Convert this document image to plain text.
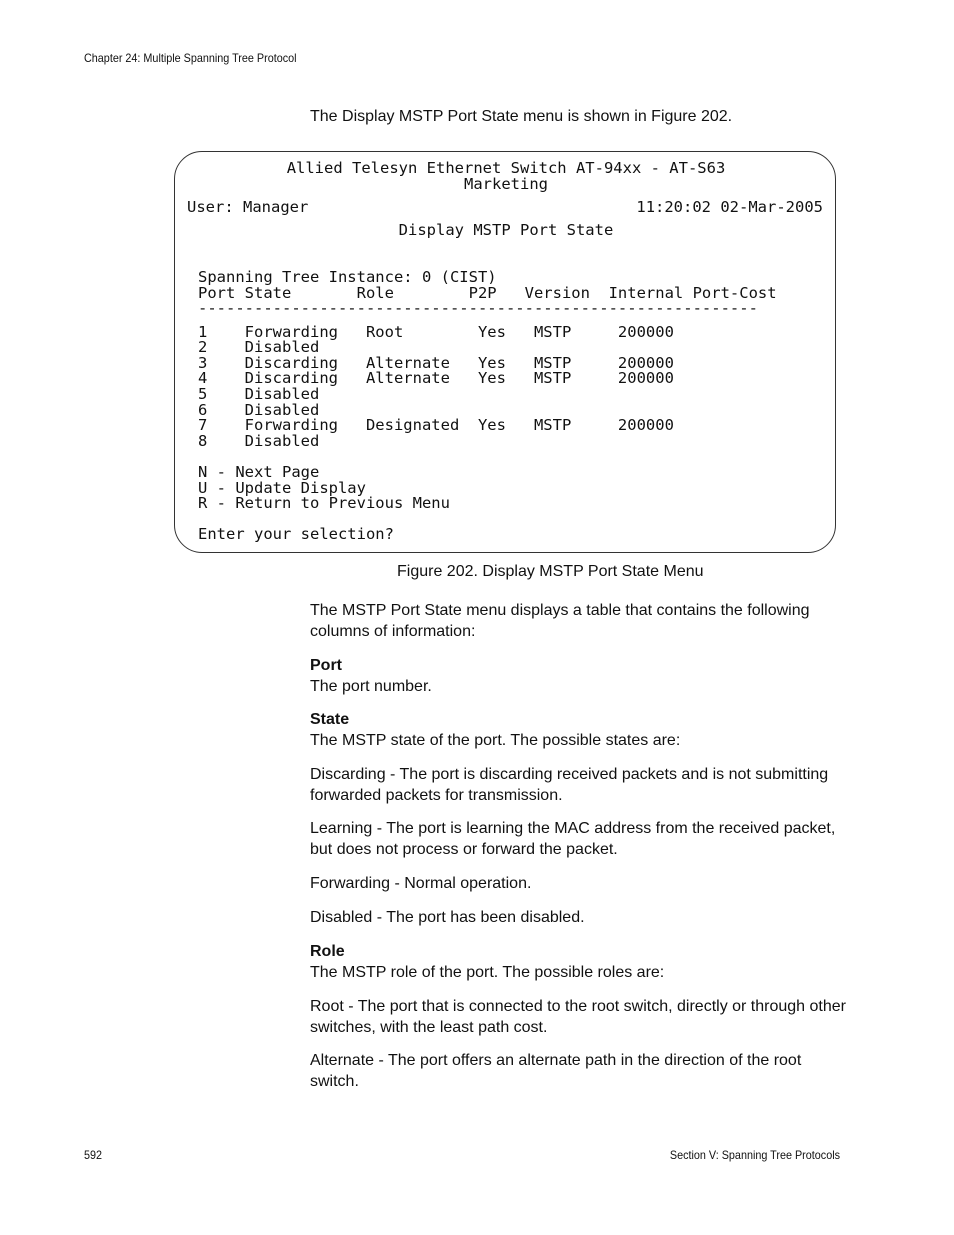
Chapter 24: Multiple Spanning Tree Protocol
The Display MSTP Port State menu is shown in Figure 202.
Allied Telesyn Ethernet Switch AT-94xx - AT-S63
Marketing
User: Manager	11:20:02 02-Mar-2005
Display MSTP Port State
Spanning Tree Instance: 0 (CIST)
Port State       Role        P2P   Version  Internal Port-Cost
------------------------------------------------------------
1    Forwarding   Root        Yes   MSTP     200000
2    Disabled
3    Discarding   Alternate   Yes   MSTP     200000
4    Discarding   Alternate   Yes   MSTP     200000
5    Disabled
6    Disabled
7    Forwarding   Designated  Yes   MSTP     200000
8    Disabled
N - Next Page
U - Update Display
R - Return to Previous Menu
Enter your selection?
Figure 202. Display MSTP Port State Menu

The MSTP Port State menu displays a table that contains the following columns of information:

Port

The port number.

State

The MSTP state of the port. The possible states are:

Discarding - The port is discarding received packets and is not submitting forwarded packets for transmission.
Learning - The port is learning the MAC address from the received packet, but does not process or forward the packet.
Forwarding - Normal operation.
Disabled - The port has been disabled.

Role

The MSTP role of the port. The possible roles are:

Root - The port that is connected to the root switch, directly or through other switches, with the least path cost.
Alternate - The port offers an alternate path in the direction of the root switch.
592	Section V: Spanning Tree Protocols
